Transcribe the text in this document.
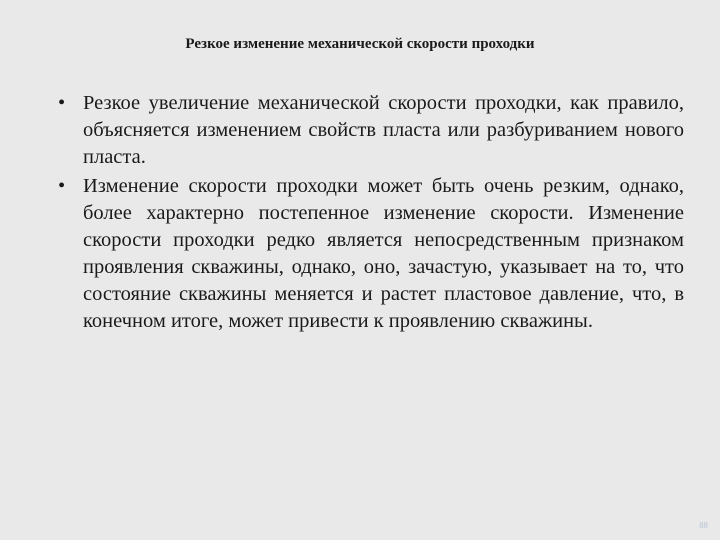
Резкое изменение механической скорости проходки
• Резкое увеличение механической скорости проходки, как правило, объясняется изменением свойств пласта или разбуриванием нового пласта.
• Изменение скорости проходки может быть очень резким, однако, более характерно постепенное изменение скорости. Изменение скорости проходки редко является непосредственным признаком проявления скважины, однако, оно, зачастую, указывает на то, что состояние скважины меняется и растет пластовое давление, что, в конечном итоге, может привести к проявлению скважины.
88
